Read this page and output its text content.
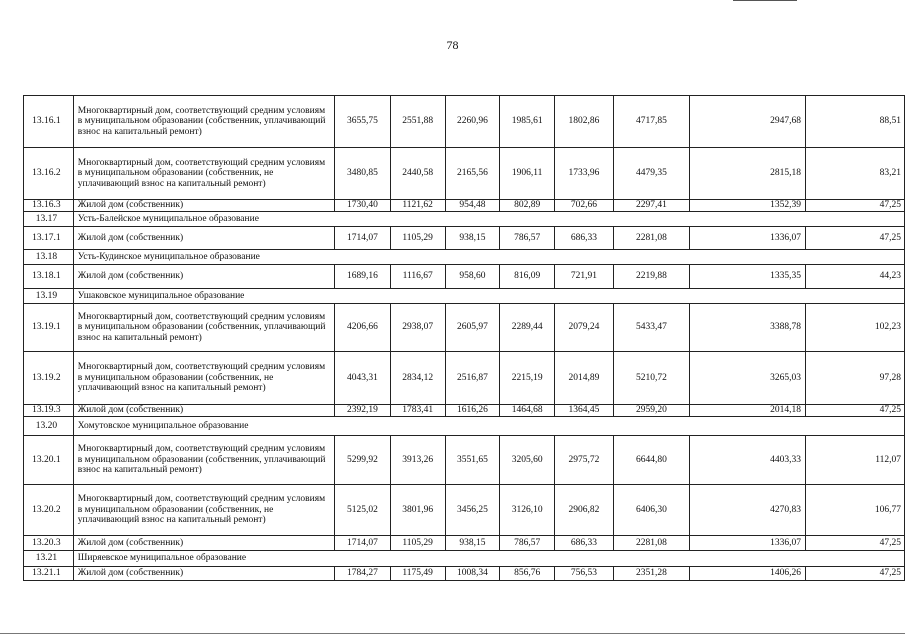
78
13.16.1	Многоквартирный дом, соответствующий средним условиям в муниципальном образовании (собственник, уплачивающий взнос на капитальный ремонт)	3655,75	2551,88	2260,96	1985,61	1802,86	4717,85	2947,68	88,51
13.16.2	Многоквартирный дом, соответствующий средним условиям в муниципальном образовании (собственник, не уплачивающий взнос на капитальный ремонт)	3480,85	2440,58	2165,56	1906,11	1733,96	4479,35	2815,18	83,21
13.16.3	Жилой дом (собственник)	1730,40	1121,62	954,48	802,89	702,66	2297,41	1352,39	47,25
13.17	Усть-Балейское муниципальное образование								
13.17.1	Жилой дом (собственник)	1714,07	1105,29	938,15	786,57	686,33	2281,08	1336,07	47,25
13.18	Усть-Кудинское муниципальное образование								
13.18.1	Жилой дом (собственник)	1689,16	1116,67	958,60	816,09	721,91	2219,88	1335,35	44,23
13.19	Ушаковское муниципальное образование								
13.19.1	Многоквартирный дом, соответствующий средним условиям в муниципальном образовании (собственник, уплачивающий взнос на капитальный ремонт)	4206,66	2938,07	2605,97	2289,44	2079,24	5433,47	3388,78	102,23
13.19.2	Многоквартирный дом, соответствующий средним условиям в муниципальном образовании (собственник, не уплачивающий взнос на капитальный ремонт)	4043,31	2834,12	2516,87	2215,19	2014,89	5210,72	3265,03	97,28
13.19.3	Жилой дом (собственник)	2392,19	1783,41	1616,26	1464,68	1364,45	2959,20	2014,18	47,25
13.20	Хомутовское муниципальное образование								
13.20.1	Многоквартирный дом, соответствующий средним условиям в муниципальном образовании (собственник, уплачивающий взнос на капитальный ремонт)	5299,92	3913,26	3551,65	3205,60	2975,72	6644,80	4403,33	112,07
13.20.2	Многоквартирный дом, соответствующий средним условиям в муниципальном образовании (собственник, не уплачивающий взнос на капитальный ремонт)	5125,02	3801,96	3456,25	3126,10	2906,82	6406,30	4270,83	106,77
13.20.3	Жилой дом (собственник)	1714,07	1105,29	938,15	786,57	686,33	2281,08	1336,07	47,25
13.21	Ширяевское муниципальное образование								
13.21.1	Жилой дом (собственник)	1784,27	1175,49	1008,34	856,76	756,53	2351,28	1406,26	47,25
